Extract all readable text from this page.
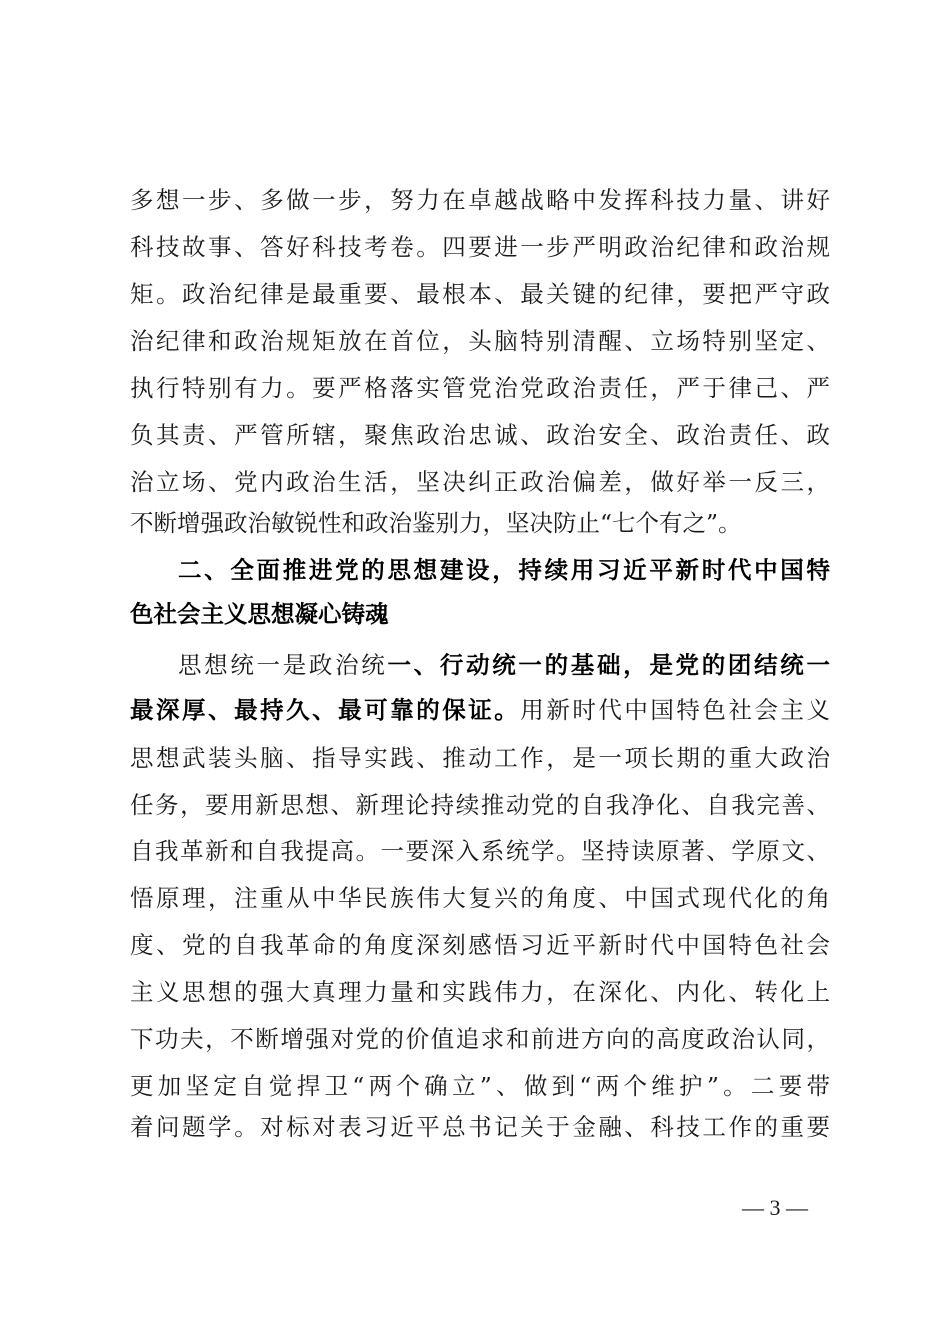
多想一步、多做一步，努力在卓越战略中发挥科技力量、讲好
科技故事、答好科技考卷。四要进一步严明政治纪律和政治规
矩。政治纪律是最重要、最根本、最关键的纪律，要把严守政
治纪律和政治规矩放在首位，头脑特别清醒、立场特别坚定、
执行特别有力。要严格落实管党治党政治责任，严于律己、严
负其责、严管所辖，聚焦政治忠诚、政治安全、政治责任、政
治立场、党内政治生活，坚决纠正政治偏差，做好举一反三，
不断增强政治敏锐性和政治鉴别力，坚决防止“七个有之”。
二、全面推进党的思想建设，持续用习近平新时代中国特
色社会主义思想凝心铸魂
思想统一是政治统一、行动统一的基础，是党的团结统一
最深厚、最持久、最可靠的保证。用新时代中国特色社会主义
思想武装头脑、指导实践、推动工作，是一项长期的重大政治
任务，要用新思想、新理论持续推动党的自我净化、自我完善、
自我革新和自我提高。一要深入系统学。坚持读原著、学原文、
悟原理，注重从中华民族伟大复兴的角度、中国式现代化的角
度、党的自我革命的角度深刻感悟习近平新时代中国特色社会
主义思想的强大真理力量和实践伟力，在深化、内化、转化上
下功夫，不断增强对党的价值追求和前进方向的高度政治认同，
更加坚定自觉捍卫“两个确立”、做到“两个维护”。二要带
着问题学。对标对表习近平总书记关于金融、科技工作的重要
— 3 —
